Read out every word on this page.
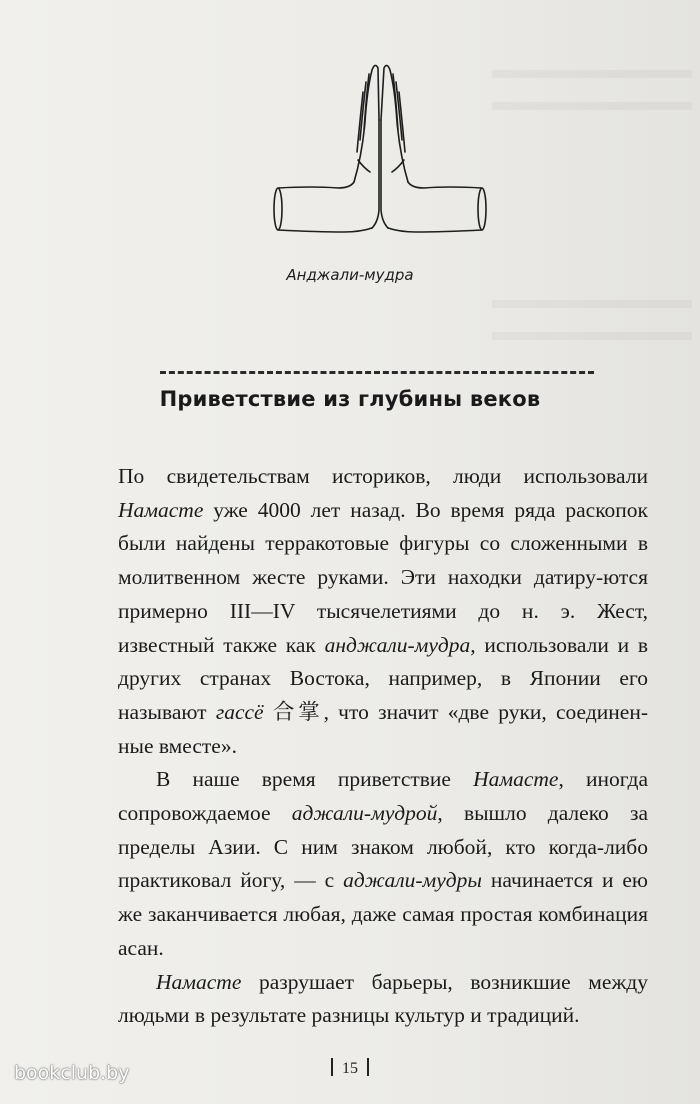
Анджали-мудра
Приветствие из глубины веков

По свидетельствам историков, люди использовали Намасте уже 4000 лет назад. Во время ряда раскопок были найдены терракотовые фигуры со сложенными в молитвенном жесте руками. Эти находки датиру-ются примерно III—IV тысячелетиями до н. э. Жест, известный также как анджали-мудра, использовали и в других странах Востока, например, в Японии его называют гассё 合掌, что значит «две руки, соединен-ные вместе».

В наше время приветствие Намасте, иногда сопровождаемое аджали-мудрой, вышло далеко за пределы Азии. С ним знаком любой, кто когда-либо практиковал йогу, — с аджали-мудры начинается и ею же заканчивается любая, даже самая простая комбинация асан.

Намасте разрушает барьеры, возникшие между людьми в результате разницы культур и традиций.

15
bookclub.by
